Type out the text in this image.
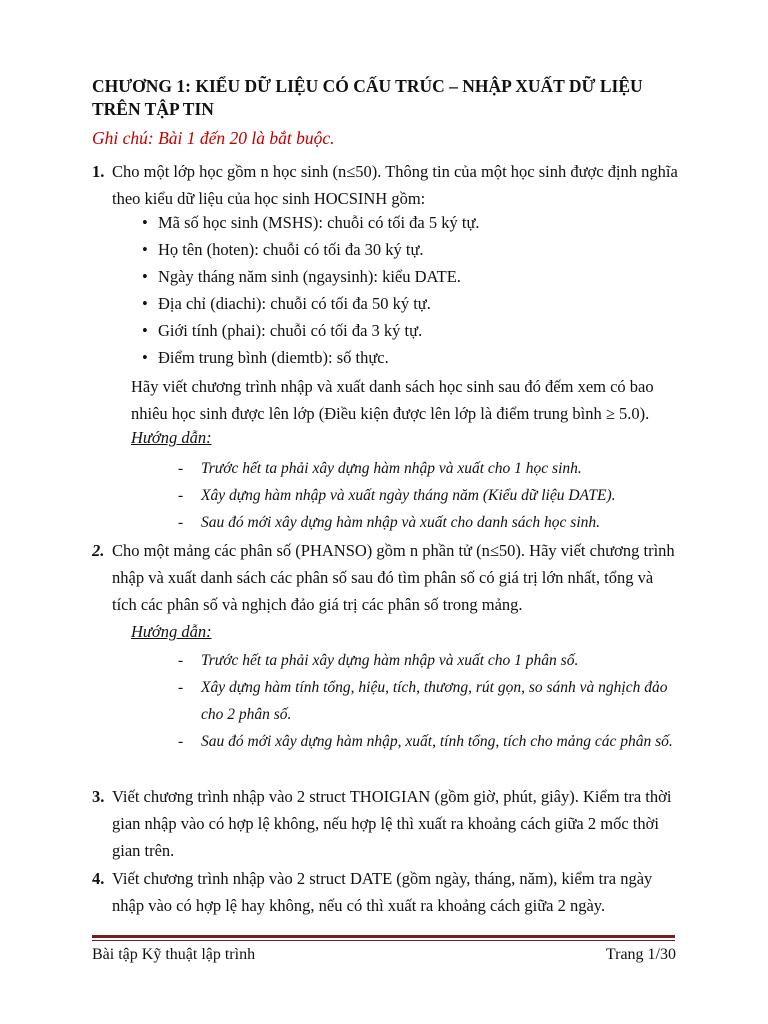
CHƯƠNG 1: KIỂU DỮ LIỆU CÓ CẤU TRÚC – NHẬP XUẤT DỮ LIỆU TRÊN TẬP TIN
Ghi chú: Bài 1 đến 20 là bắt buộc.
1. Cho một lớp học gồm n học sinh (n≤50). Thông tin của một học sinh được định nghĩa theo kiểu dữ liệu của học sinh HOCSINH gồm:
• Mã số học sinh (MSHS): chuỗi có tối đa 5 ký tự.
• Họ tên (hoten): chuỗi có tối đa 30 ký tự.
• Ngày tháng năm sinh (ngaysinh): kiểu DATE.
• Địa chỉ (diachi): chuỗi có tối đa 50 ký tự.
• Giới tính (phai): chuỗi có tối đa 3 ký tự.
• Điểm trung bình (diemtb): số thực.
Hãy viết chương trình nhập và xuất danh sách học sinh sau đó đếm xem có bao nhiêu học sinh được lên lớp (Điều kiện được lên lớp là điểm trung bình ≥ 5.0).
Hướng dẫn:
- Trước hết ta phải xây dựng hàm nhập và xuất cho 1 học sinh.
- Xây dựng hàm nhập và xuất ngày tháng năm (Kiểu dữ liệu DATE).
- Sau đó mới xây dựng hàm nhập và xuất cho danh sách học sinh.
2. Cho một mảng các phân số (PHANSO) gồm n phần tử (n≤50). Hãy viết chương trình nhập và xuất danh sách các phân số sau đó tìm phân số có giá trị lớn nhất, tổng và tích các phân số và nghịch đảo giá trị các phân số trong mảng.
Hướng dẫn:
- Trước hết ta phải xây dựng hàm nhập và xuất cho 1 phân số.
- Xây dựng hàm tính tổng, hiệu, tích, thương, rút gọn, so sánh và nghịch đảo cho 2 phân số.
- Sau đó mới xây dựng hàm nhập, xuất, tính tổng, tích cho mảng các phân số.
3. Viết chương trình nhập vào 2 struct THOIGIAN (gồm giờ, phút, giây). Kiểm tra thời gian nhập vào có hợp lệ không, nếu hợp lệ thì xuất ra khoảng cách giữa 2 mốc thời gian trên.
4. Viết chương trình nhập vào 2 struct DATE (gồm ngày, tháng, năm), kiểm tra ngày nhập vào có hợp lệ hay không, nếu có thì xuất ra khoảng cách giữa 2 ngày.
Bài tập Kỹ thuật lập trình	Trang 1/30
